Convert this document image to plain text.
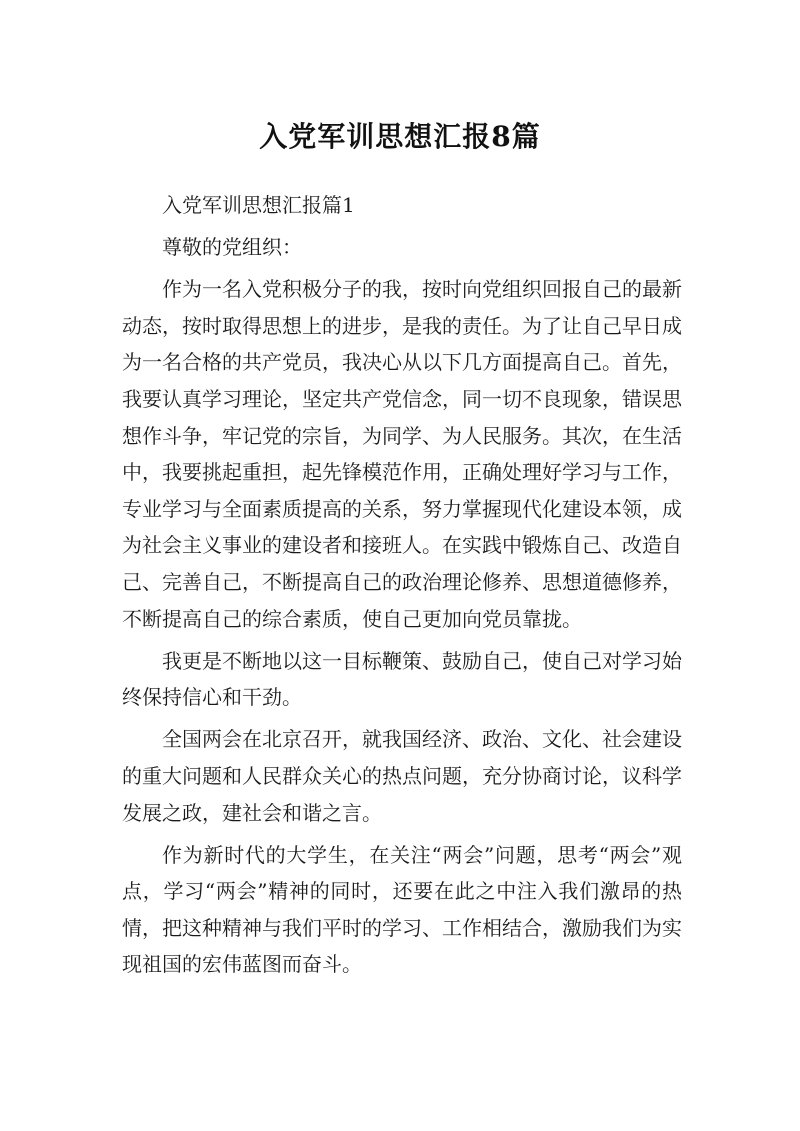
入党军训思想汇报8篇

入党军训思想汇报篇1

尊敬的党组织：

作为一名入党积极分子的我，按时向党组织回报自己的最新动态，按时取得思想上的进步，是我的责任。为了让自己早日成为一名合格的共产党员，我决心从以下几方面提高自己。首先，我要认真学习理论，坚定共产党信念，同一切不良现象，错误思想作斗争，牢记党的宗旨，为同学、为人民服务。其次，在生活中，我要挑起重担，起先锋模范作用，正确处理好学习与工作，专业学习与全面素质提高的关系，努力掌握现代化建设本领，成为社会主义事业的建设者和接班人。在实践中锻炼自己、改造自己、完善自己，不断提高自己的政治理论修养、思想道德修养，不断提高自己的综合素质，使自己更加向党员靠拢。

我更是不断地以这一目标鞭策、鼓励自己，使自己对学习始终保持信心和干劲。

全国两会在北京召开，就我国经济、政治、文化、社会建设的重大问题和人民群众关心的热点问题，充分协商讨论，议科学发展之政，建社会和谐之言。

作为新时代的大学生，在关注“两会”问题，思考“两会”观点，学习“两会”精神的同时，还要在此之中注入我们激昂的热情，把这种精神与我们平时的学习、工作相结合，激励我们为实现祖国的宏伟蓝图而奋斗。
